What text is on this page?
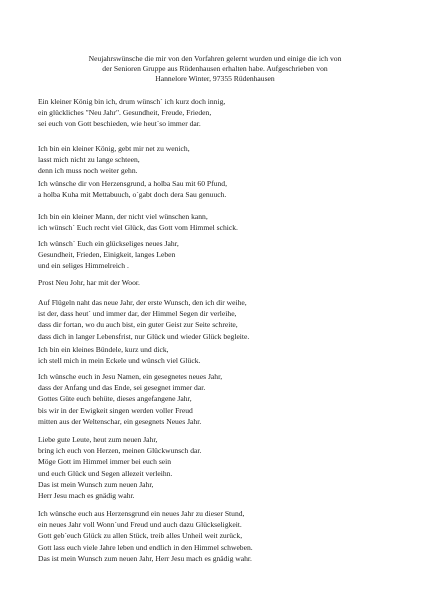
Neujahrswünsche die mir von den Vorfahren gelernt wurden und einige die ich von
der Senioren Gruppe aus Rüdenhausen erhalten habe. Aufgeschrieben von
Hannelore Winter, 97355 Rüdenhausen
Ein kleiner König bin ich, drum wünsch´ ich kurz doch innig,
ein glückliches "Neu Jahr". Gesundheit, Freude, Frieden,
sei euch von Gott beschieden, wie heut´so immer dar.
Ich bin ein kleiner König, gebt mir net zu wenich,
lasst mich nicht zu lange schteen,
denn ich muss noch weiter gehn.
Ich wünsche dir von Herzensgrund, a holba Sau mit 60 Pfund,
a holba Kuha mit Mettabuuch, o´gabt doch dera Sau genuuch.
Ich bin ein kleiner Mann, der nicht viel wünschen kann,
ich wünsch´ Euch recht viel Glück, das Gott vom Himmel schick.
Ich wünsch´ Euch ein glückseliges neues Jahr,
Gesundheit, Frieden, Einigkeit, langes Leben
und ein seliges Himmelreich .
Prost Neu Johr, har mit der Woor.
Auf Flügeln naht das neue Jahr, der erste Wunsch, den ich dir weihe,
ist der, dass heut´ und immer dar, der Himmel Segen dir verleihe,
dass dir fortan, wo du auch bist, ein guter Geist zur Seite schreite,
dass dich in langer Lebensfrist, nur Glück und wieder Glück begleite.
Ich bin ein kleines Bündele, kurz und dick,
ich stell mich in mein Eckele und wünsch viel Glück.
Ich wünsche euch in Jesu Namen, ein gesegnetes neues Jahr,
dass der Anfang und das Ende, sei gesegnet immer dar.
Gottes Güte euch behüte, dieses angefangene Jahr,
bis wir in der Ewigkeit singen werden voller Freud
mitten aus der Weltenschar, ein gesegnets Neues Jahr.
Liebe gute Leute, heut zum neuen Jahr,
bring ich euch von Herzen, meinen Glückwunsch dar.
Möge Gott im Himmel immer bei euch sein
und euch Glück und Segen allezeit verleihn.
Das ist mein Wunsch zum neuen Jahr,
Herr Jesu mach es gnädig wahr.
Ich wünsche euch aus Herzensgrund ein neues Jahr zu dieser Stund,
ein neues Jahr voll Wonn´und Freud und auch dazu Glückseligkeit.
Gott geb´euch Glück zu allen Stück, treib alles Unheil weit zurück,
Gott lass euch viele Jahre leben und endlich in den Himmel schweben.
Das ist mein Wunsch zum neuen Jahr, Herr Jesu mach es gnädig wahr.
